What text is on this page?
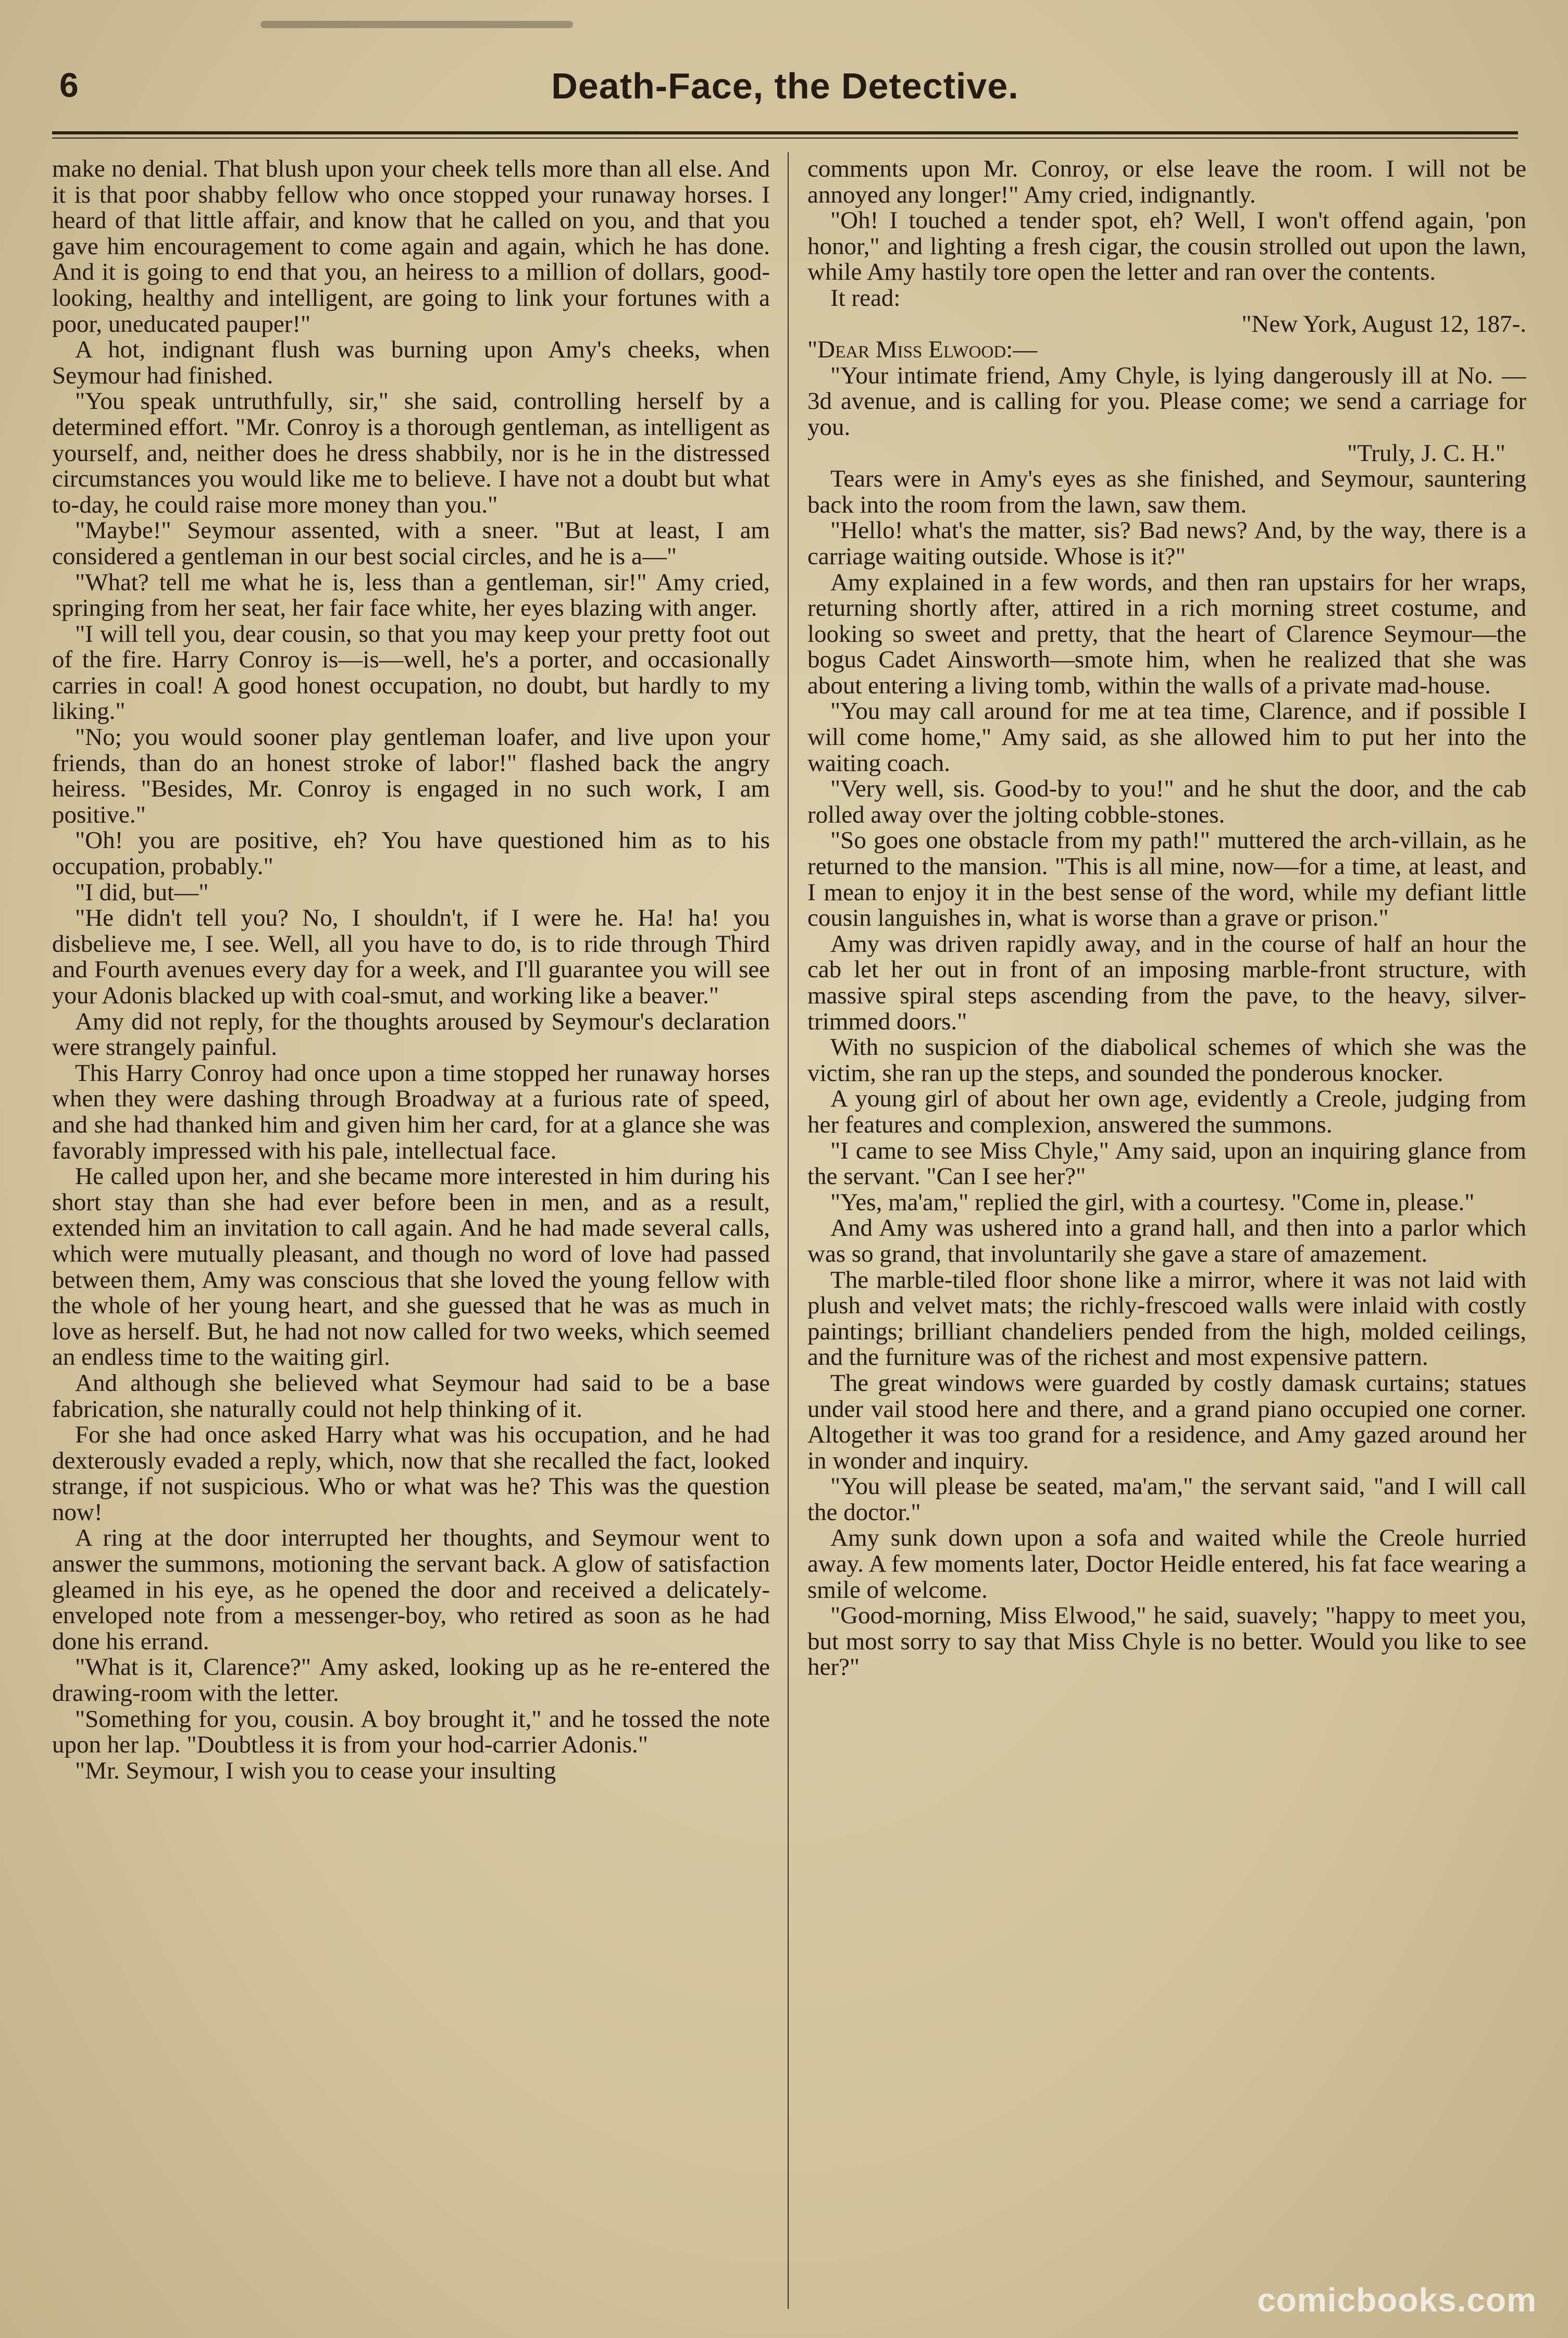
6	Death-Face, the Detective.

make no denial. That blush upon your cheek tells more than all else. And it is that poor shabby fellow who once stopped your runaway horses. I heard of that little affair, and know that he called on you, and that you gave him encouragement to come again and again, which he has done. And it is going to end that you, an heiress to a million of dollars, good-looking, healthy and intelligent, are going to link your fortunes with a poor, uneducated pauper!"

A hot, indignant flush was burning upon Amy's cheeks, when Seymour had finished.

"You speak untruthfully, sir," she said, controlling herself by a determined effort. "Mr. Conroy is a thorough gentleman, as intelligent as yourself, and, neither does he dress shabbily, nor is he in the distressed circumstances you would like me to believe. I have not a doubt but what to-day, he could raise more money than you."

"Maybe!" Seymour assented, with a sneer. "But at least, I am considered a gentleman in our best social circles, and he is a—"

"What? tell me what he is, less than a gentleman, sir!" Amy cried, springing from her seat, her fair face white, her eyes blazing with anger.

"I will tell you, dear cousin, so that you may keep your pretty foot out of the fire. Harry Conroy is—is—well, he's a porter, and occasionally carries in coal! A good honest occupation, no doubt, but hardly to my liking."

"No; you would sooner play gentleman loafer, and live upon your friends, than do an honest stroke of labor!" flashed back the angry heiress. "Besides, Mr. Conroy is engaged in no such work, I am positive."

"Oh! you are positive, eh? You have questioned him as to his occupation, probably."

"I did, but—"

"He didn't tell you? No, I shouldn't, if I were he. Ha! ha! you disbelieve me, I see. Well, all you have to do, is to ride through Third and Fourth avenues every day for a week, and I'll guarantee you will see your Adonis blacked up with coal-smut, and working like a beaver."

Amy did not reply, for the thoughts aroused by Seymour's declaration were strangely painful.

This Harry Conroy had once upon a time stopped her runaway horses when they were dashing through Broadway at a furious rate of speed, and she had thanked him and given him her card, for at a glance she was favorably impressed with his pale, intellectual face.

He called upon her, and she became more interested in him during his short stay than she had ever before been in men, and as a result, extended him an invitation to call again. And he had made several calls, which were mutually pleasant, and though no word of love had passed between them, Amy was conscious that she loved the young fellow with the whole of her young heart, and she guessed that he was as much in love as herself. But, he had not now called for two weeks, which seemed an endless time to the waiting girl.

And although she believed what Seymour had said to be a base fabrication, she naturally could not help thinking of it.

For she had once asked Harry what was his occupation, and he had dexterously evaded a reply, which, now that she recalled the fact, looked strange, if not suspicious. Who or what was he? This was the question now!

A ring at the door interrupted her thoughts, and Seymour went to answer the summons, motioning the servant back. A glow of satisfaction gleamed in his eye, as he opened the door and received a delicately-enveloped note from a messenger-boy, who retired as soon as he had done his errand.

"What is it, Clarence?" Amy asked, looking up as he re-entered the drawing-room with the letter.

"Something for you, cousin. A boy brought it," and he tossed the note upon her lap. "Doubtless it is from your hod-carrier Adonis."

"Mr. Seymour, I wish you to cease your insulting

comments upon Mr. Conroy, or else leave the room. I will not be annoyed any longer!" Amy cried, indignantly.

"Oh! I touched a tender spot, eh? Well, I won't offend again, 'pon honor," and lighting a fresh cigar, the cousin strolled out upon the lawn, while Amy hastily tore open the letter and ran over the contents.

It read:

"New York, August 12, 187-.

"Dear Miss Elwood:—

"Your intimate friend, Amy Chyle, is lying dangerously ill at No. — 3d avenue, and is calling for you. Please come; we send a carriage for you.

"Truly, J. C. H."

Tears were in Amy's eyes as she finished, and Seymour, sauntering back into the room from the lawn, saw them.

"Hello! what's the matter, sis? Bad news? And, by the way, there is a carriage waiting outside. Whose is it?"

Amy explained in a few words, and then ran upstairs for her wraps, returning shortly after, attired in a rich morning street costume, and looking so sweet and pretty, that the heart of Clarence Seymour—the bogus Cadet Ainsworth—smote him, when he realized that she was about entering a living tomb, within the walls of a private mad-house.

"You may call around for me at tea time, Clarence, and if possible I will come home," Amy said, as she allowed him to put her into the waiting coach.

"Very well, sis. Good-by to you!" and he shut the door, and the cab rolled away over the jolting cobble-stones.

"So goes one obstacle from my path!" muttered the arch-villain, as he returned to the mansion. "This is all mine, now—for a time, at least, and I mean to enjoy it in the best sense of the word, while my defiant little cousin languishes in, what is worse than a grave or prison."

Amy was driven rapidly away, and in the course of half an hour the cab let her out in front of an imposing marble-front structure, with massive spiral steps ascending from the pave, to the heavy, silver-trimmed doors."

With no suspicion of the diabolical schemes of which she was the victim, she ran up the steps, and sounded the ponderous knocker.

A young girl of about her own age, evidently a Creole, judging from her features and complexion, answered the summons.

"I came to see Miss Chyle," Amy said, upon an inquiring glance from the servant. "Can I see her?"

"Yes, ma'am," replied the girl, with a courtesy. "Come in, please."

And Amy was ushered into a grand hall, and then into a parlor which was so grand, that involuntarily she gave a stare of amazement.

The marble-tiled floor shone like a mirror, where it was not laid with plush and velvet mats; the richly-frescoed walls were inlaid with costly paintings; brilliant chandeliers pended from the high, molded ceilings, and the furniture was of the richest and most expensive pattern.

The great windows were guarded by costly damask curtains; statues under vail stood here and there, and a grand piano occupied one corner. Altogether it was too grand for a residence, and Amy gazed around her in wonder and inquiry.

"You will please be seated, ma'am," the servant said, "and I will call the doctor."

Amy sunk down upon a sofa and waited while the Creole hurried away. A few moments later, Doctor Heidle entered, his fat face wearing a smile of welcome.

"Good-morning, Miss Elwood," he said, suavely; "happy to meet you, but most sorry to say that Miss Chyle is no better. Would you like to see her?"

comicbooks.com
